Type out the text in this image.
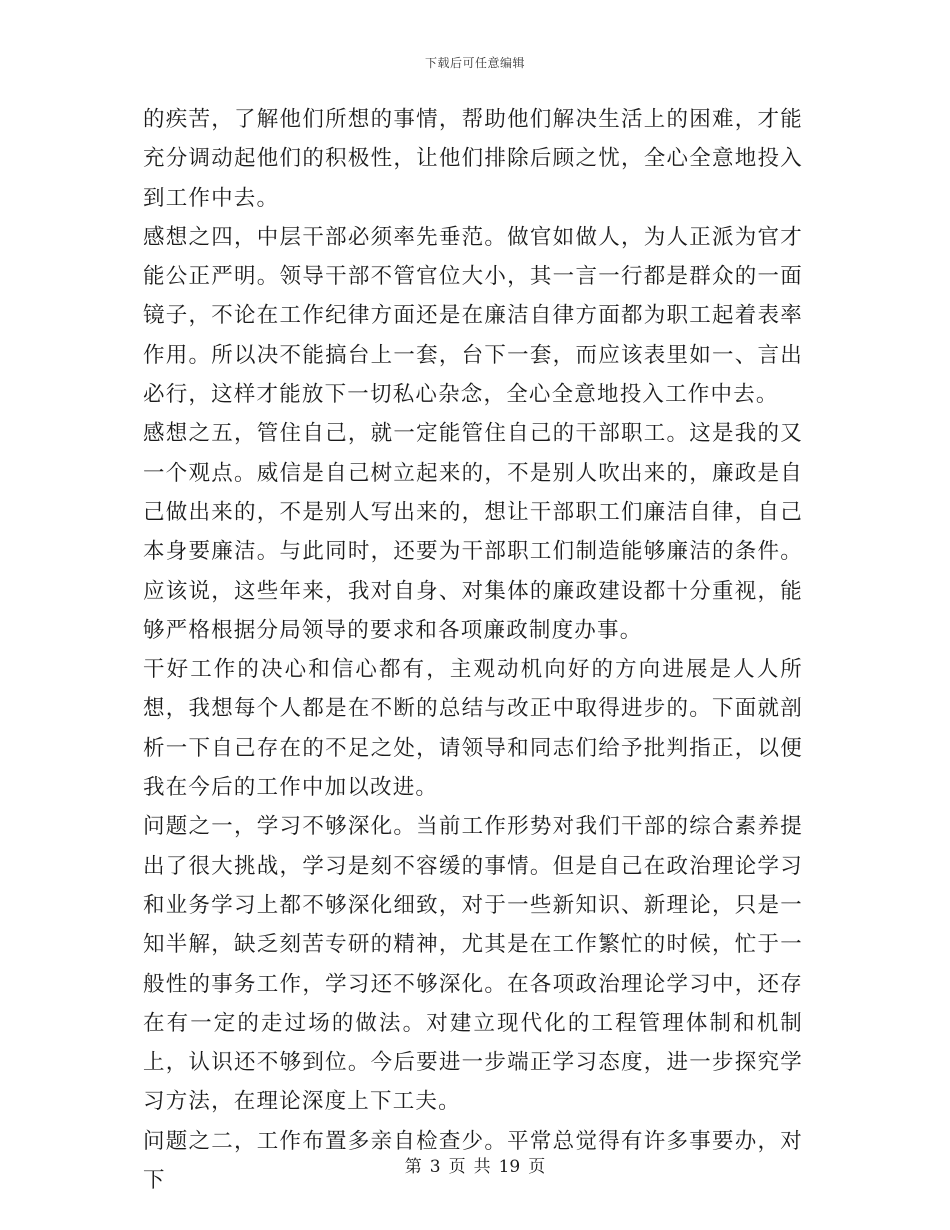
下载后可任意编辑

的疾苦，了解他们所想的事情，帮助他们解决生活上的困难，才能充分调动起他们的积极性，让他们排除后顾之忧，全心全意地投入到工作中去。

感想之四，中层干部必须率先垂范。做官如做人，为人正派为官才能公正严明。领导干部不管官位大小，其一言一行都是群众的一面镜子，不论在工作纪律方面还是在廉洁自律方面都为职工起着表率作用。所以决不能搞台上一套，台下一套，而应该表里如一、言出必行，这样才能放下一切私心杂念，全心全意地投入工作中去。

感想之五，管住自己，就一定能管住自己的干部职工。这是我的又一个观点。威信是自己树立起来的，不是别人吹出来的，廉政是自己做出来的，不是别人写出来的，想让干部职工们廉洁自律，自己本身要廉洁。与此同时，还要为干部职工们制造能够廉洁的条件。应该说，这些年来，我对自身、对集体的廉政建设都十分重视，能够严格根据分局领导的要求和各项廉政制度办事。

干好工作的决心和信心都有，主观动机向好的方向进展是人人所想，我想每个人都是在不断的总结与改正中取得进步的。下面就剖析一下自己存在的不足之处，请领导和同志们给予批判指正，以便我在今后的工作中加以改进。

问题之一，学习不够深化。当前工作形势对我们干部的综合素养提出了很大挑战，学习是刻不容缓的事情。但是自己在政治理论学习和业务学习上都不够深化细致，对于一些新知识、新理论，只是一知半解，缺乏刻苦专研的精神，尤其是在工作繁忙的时候，忙于一般性的事务工作，学习还不够深化。在各项政治理论学习中，还存在有一定的走过场的做法。对建立现代化的工程管理体制和机制上，认识还不够到位。今后要进一步端正学习态度，进一步探究学习方法，在理论深度上下工夫。

问题之二，工作布置多亲自检查少。平常总觉得有许多事要办，对下

第 3 页 共 19 页
